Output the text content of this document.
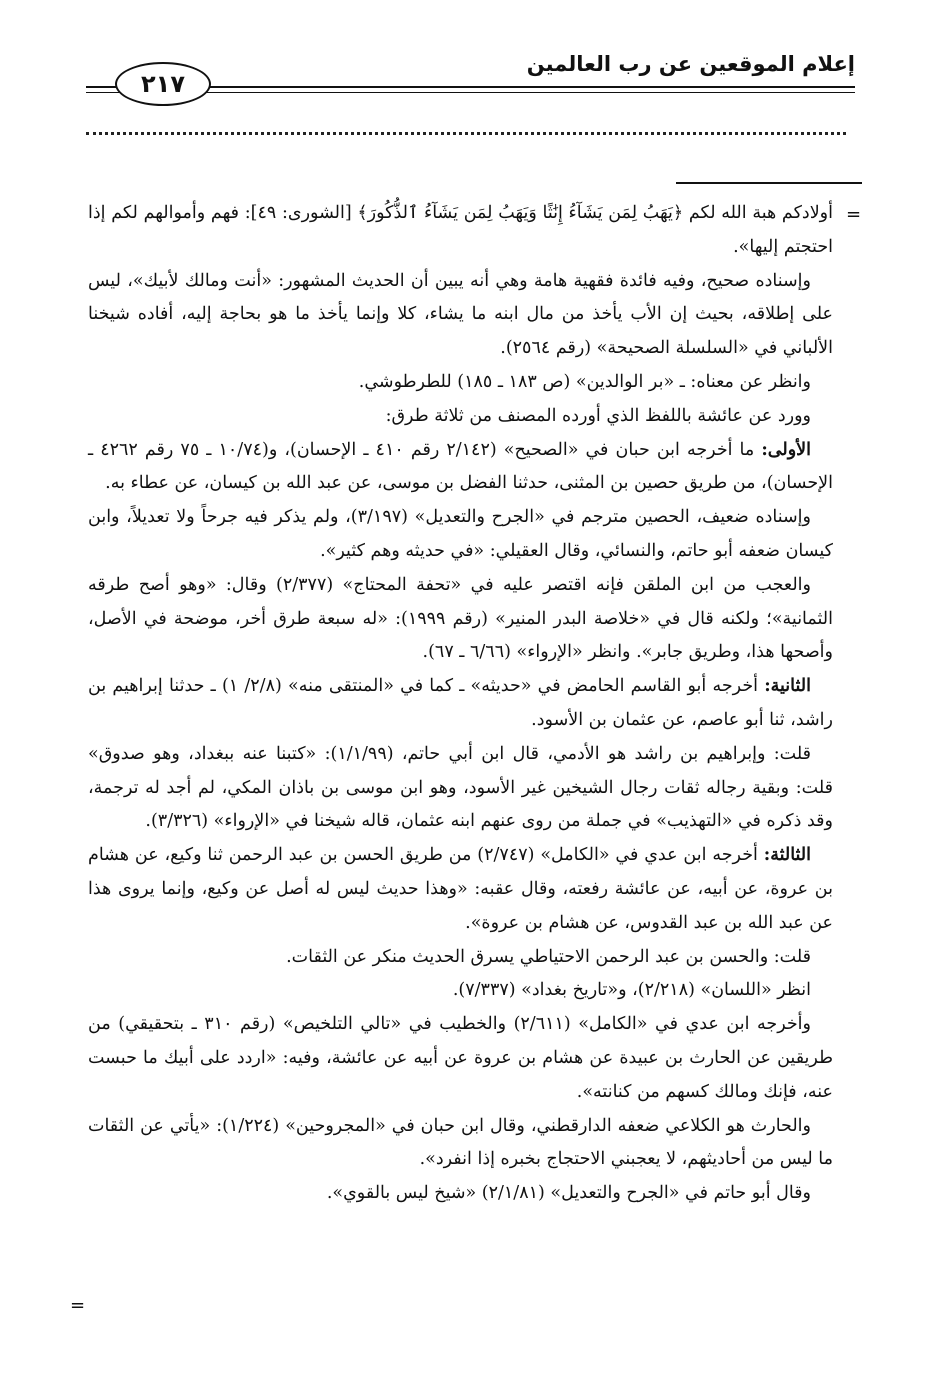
إعلام الموقعين عن رب العالمين
٢١٧
=
=

أولادكم هبة الله لكم ﴿يَهَبُ لِمَن يَشَآءُ إِنَٰثًا وَيَهَبُ لِمَن يَشَآءُ ٱلذُّكُورَ﴾ [الشورى: ٤٩]: فهم وأموالهم لكم إذا احتجتم إليها».

وإسناده صحيح، وفيه فائدة فقهية هامة وهي أنه يبين أن الحديث المشهور: «أنت ومالك لأبيك»، ليس على إطلاقه، بحيث إن الأب يأخذ من مال ابنه ما يشاء، كلا وإنما يأخذ ما هو بحاجة إليه، أفاده شيخنا الألباني في «السلسلة الصحيحة» (رقم ٢٥٦٤).

وانظر عن معناه: ـ «بر الوالدين» (ص ١٨٣ ـ ١٨٥) للطرطوشي.

وورد عن عائشة باللفظ الذي أورده المصنف من ثلاثة طرق:

الأولى: ما أخرجه ابن حبان في «الصحيح» (٢/١٤٢ رقم ٤١٠ ـ الإحسان)، و(١٠/٧٤ ـ ٧٥ رقم ٤٢٦٢ ـ الإحسان)، من طريق حصين بن المثنى، حدثنا الفضل بن موسى، عن عبد الله بن كيسان، عن عطاء به.

وإسناده ضعيف، الحصين مترجم في «الجرح والتعديل» (٣/١٩٧)، ولم يذكر فيه جرحاً ولا تعديلاً، وابن كيسان ضعفه أبو حاتم، والنسائي، وقال العقيلي: «في حديثه وهم كثير».

والعجب من ابن الملقن فإنه اقتصر عليه في «تحفة المحتاج» (٢/٣٧٧) وقال: «وهو أصح طرقه الثمانية»؛ ولكنه قال في «خلاصة البدر المنير» (رقم ١٩٩٩): «له سبعة طرق أخر، موضحة في الأصل، وأصحها هذا، وطريق جابر». وانظر «الإرواء» (٦/٦٦ ـ ٦٧).

الثانية: أخرجه أبو القاسم الحامض في «حديثه» ـ كما في «المنتقى منه» (٢/٨/ ١) ـ حدثنا إبراهيم بن راشد، ثنا أبو عاصم، عن عثمان بن الأسود.

قلت: وإبراهيم بن راشد هو الأدمي، قال ابن أبي حاتم، (١/١/٩٩): «كتبنا عنه ببغداد، وهو صدوق» قلت: وبقية رجاله ثقات رجال الشيخين غير الأسود، وهو ابن موسى بن باذان المكي، لم أجد له ترجمة، وقد ذكره في «التهذيب» في جملة من روى عنهم ابنه عثمان، قاله شيخنا في «الإرواء» (٣/٣٢٦).

الثالثة: أخرجه ابن عدي في «الكامل» (٢/٧٤٧) من طريق الحسن بن عبد الرحمن ثنا وكيع، عن هشام بن عروة، عن أبيه، عن عائشة رفعته، وقال عقبه: «وهذا حديث ليس له أصل عن وكيع، وإنما يروى هذا عن عبد الله بن عبد القدوس، عن هشام بن عروة».

قلت: والحسن بن عبد الرحمن الاحتياطي يسرق الحديث منكر عن الثقات.

انظر «اللسان» (٢/٢١٨)، و«تاريخ بغداد» (٧/٣٣٧).

وأخرجه ابن عدي في «الكامل» (٢/٦١١) والخطيب في «تالي التلخيص» (رقم ٣١٠ ـ بتحقيقي) من طريقين عن الحارث بن عبيدة عن هشام بن عروة عن أبيه عن عائشة، وفيه: «اردد على أبيك ما حبست عنه، فإنك ومالك كسهم من كنانته».

والحارث هو الكلاعي ضعفه الدارقطني، وقال ابن حبان في «المجروحين» (١/٢٢٤): «يأتي عن الثقات ما ليس من أحاديثهم، لا يعجبني الاحتجاج بخبره إذا انفرد».

وقال أبو حاتم في «الجرح والتعديل» (٢/١/٨١) «شيخ ليس بالقوي».
